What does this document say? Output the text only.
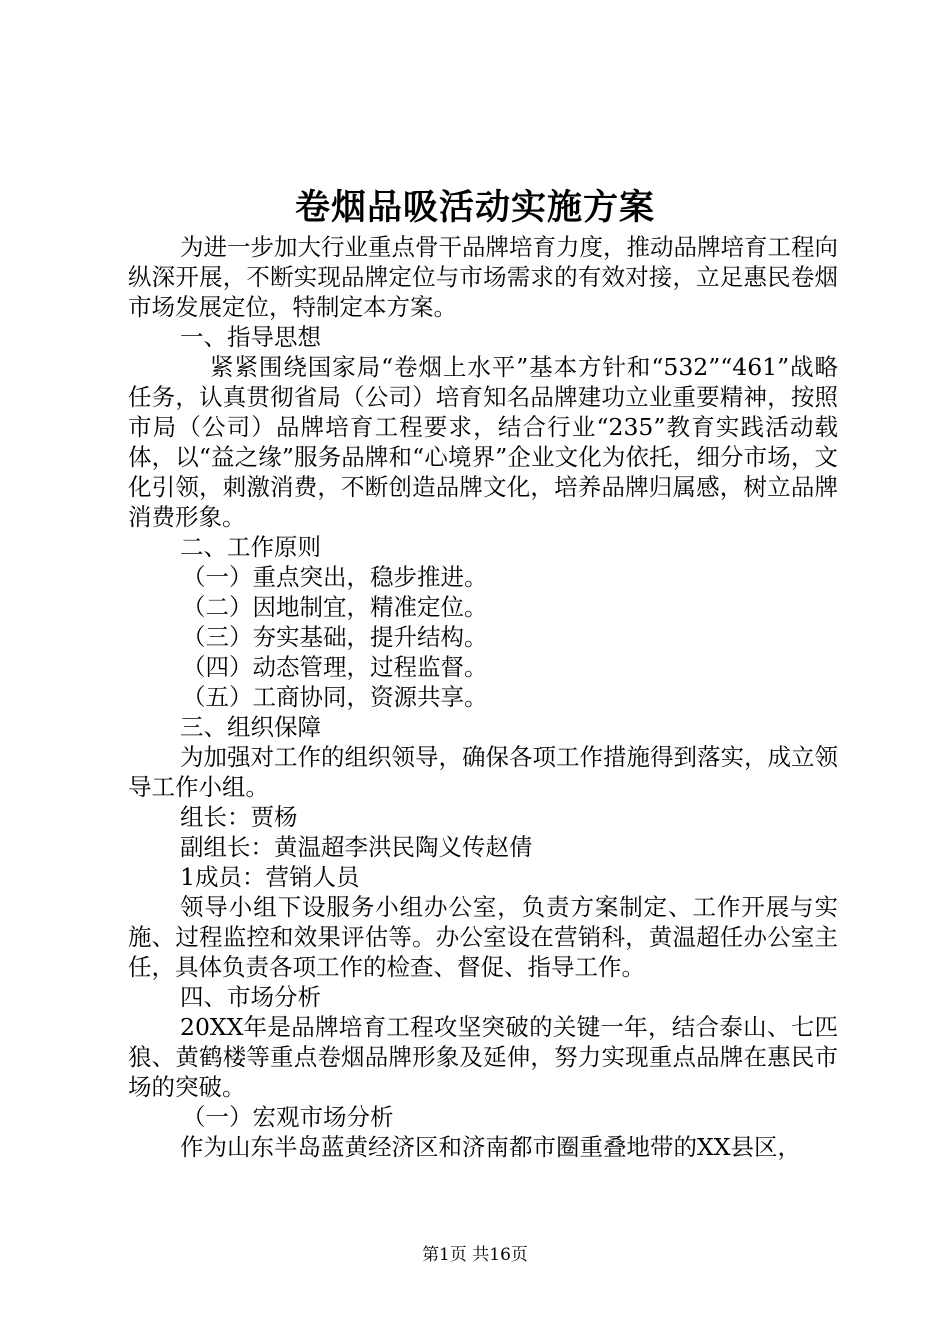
卷烟品吸活动实施方案

为进一步加大行业重点骨干品牌培育力度，推动品牌培育工程向纵深开展，不断实现品牌定位与市场需求的有效对接，立足惠民卷烟市场发展定位，特制定本方案。

一、指导思想

紧紧围绕国家局“卷烟上水平”基本方针和“532”“461”战略任务，认真贯彻省局（公司）培育知名品牌建功立业重要精神，按照市局（公司）品牌培育工程要求，结合行业“235”教育实践活动载体，以“益之缘”服务品牌和“心境界”企业文化为依托，细分市场，文化引领，刺激消费，不断创造品牌文化，培养品牌归属感，树立品牌消费形象。

二、工作原则

（一）重点突出，稳步推进。

（二）因地制宜，精准定位。

（三）夯实基础，提升结构。

（四）动态管理，过程监督。

（五）工商协同，资源共享。

三、组织保障

为加强对工作的组织领导，确保各项工作措施得到落实，成立领导工作小组。

组长：贾杨

副组长：黄温超李洪民陶义传赵倩

1成员：营销人员

领导小组下设服务小组办公室，负责方案制定、工作开展与实施、过程监控和效果评估等。办公室设在营销科，黄温超任办公室主任，具体负责各项工作的检查、督促、指导工作。

四、市场分析

20XX年是品牌培育工程攻坚突破的关键一年，结合泰山、七匹狼、黄鹤楼等重点卷烟品牌形象及延伸，努力实现重点品牌在惠民市场的突破。

（一）宏观市场分析

作为山东半岛蓝黄经济区和济南都市圈重叠地带的XX县区，

第1页 共16页
